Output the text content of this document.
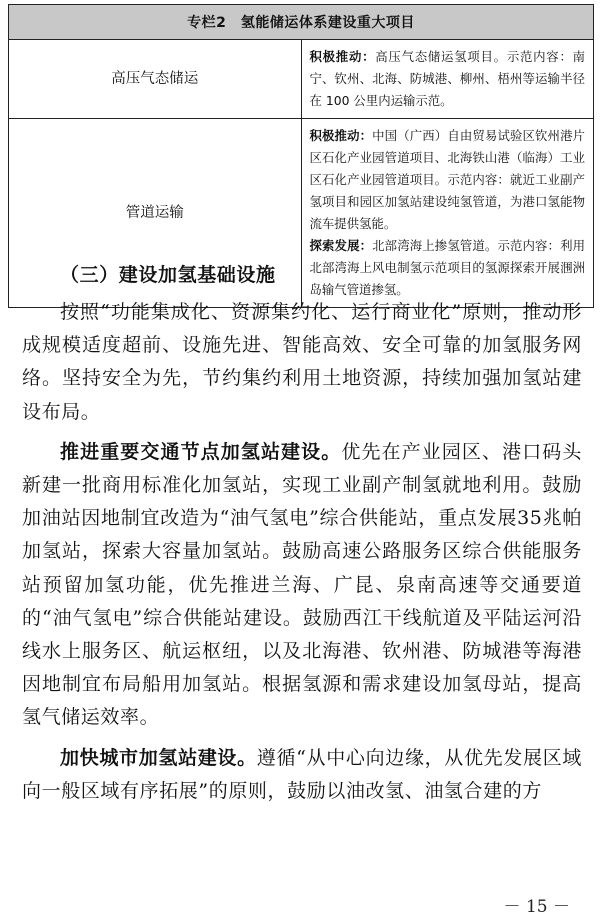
专栏2　氢能储运体系建设重大项目	
高压气态储运	积极推动：高压气态储运氢项目。示范内容：南宁、钦州、北海、防城港、柳州、梧州等运输半径在 100 公里内运输示范。

管道运输	积极推动：中国（广西）自由贸易试验区钦州港片区石化产业园管道项目、北海铁山港（临海）工业区石化产业园管道项目。示范内容：就近工业副产氢项目和园区加氢站建设纯氢管道，为港口氢能物流车提供氢能。

探索发展：北部湾海上掺氢管道。示范内容：利用北部湾海上风电制氢示范项目的氢源探索开展涠洲岛输气管道掺氢。

（三）建设加氢基础设施

按照“功能集成化、资源集约化、运行商业化”原则，推动形成规模适度超前、设施先进、智能高效、安全可靠的加氢服务网络。坚持安全为先，节约集约利用土地资源，持续加强加氢站建设布局。

推进重要交通节点加氢站建设。优先在产业园区、港口码头新建一批商用标准化加氢站，实现工业副产制氢就地利用。鼓励加油站因地制宜改造为“油气氢电”综合供能站，重点发展35兆帕加氢站，探索大容量加氢站。鼓励高速公路服务区综合供能服务站预留加氢功能，优先推进兰海、广昆、泉南高速等交通要道的“油气氢电”综合供能站建设。鼓励西江干线航道及平陆运河沿线水上服务区、航运枢纽，以及北海港、钦州港、防城港等海港因地制宜布局船用加氢站。根据氢源和需求建设加氢母站，提高氢气储运效率。

加快城市加氢站建设。遵循“从中心向边缘，从优先发展区域向一般区域有序拓展”的原则，鼓励以油改氢、油氢合建的方

－ 15 －
